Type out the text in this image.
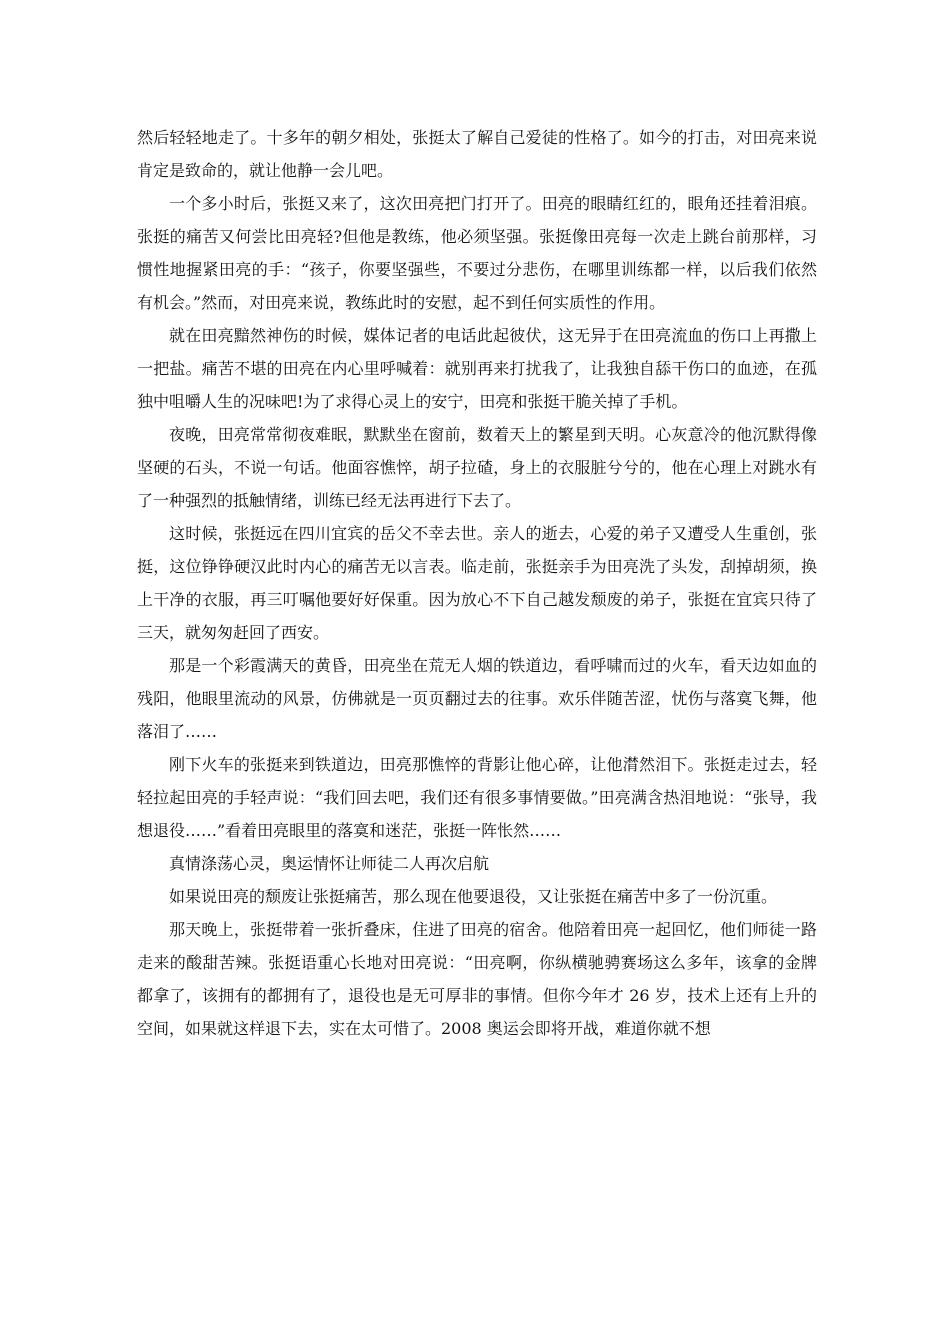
然后轻轻地走了。十多年的朝夕相处，张挺太了解自己爱徒的性格了。如今的打击，对田亮来说肯定是致命的，就让他静一会儿吧。

一个多小时后，张挺又来了，这次田亮把门打开了。田亮的眼睛红红的，眼角还挂着泪痕。张挺的痛苦又何尝比田亮轻?但他是教练，他必须坚强。张挺像田亮每一次走上跳台前那样，习惯性地握紧田亮的手：“孩子，你要坚强些，不要过分悲伤，在哪里训练都一样，以后我们依然有机会。”然而，对田亮来说，教练此时的安慰，起不到任何实质性的作用。

就在田亮黯然神伤的时候，媒体记者的电话此起彼伏，这无异于在田亮流血的伤口上再撒上一把盐。痛苦不堪的田亮在内心里呼喊着：就别再来打扰我了，让我独自舔干伤口的血迹，在孤独中咀嚼人生的况味吧!为了求得心灵上的安宁，田亮和张挺干脆关掉了手机。

夜晚，田亮常常彻夜难眠，默默坐在窗前，数着天上的繁星到天明。心灰意冷的他沉默得像坚硬的石头，不说一句话。他面容憔悴，胡子拉碴，身上的衣服脏兮兮的，他在心理上对跳水有了一种强烈的抵触情绪，训练已经无法再进行下去了。

这时候，张挺远在四川宜宾的岳父不幸去世。亲人的逝去，心爱的弟子又遭受人生重创，张挺，这位铮铮硬汉此时内心的痛苦无以言表。临走前，张挺亲手为田亮洗了头发，刮掉胡须，换上干净的衣服，再三叮嘱他要好好保重。因为放心不下自己越发颓废的弟子，张挺在宜宾只待了三天，就匆匆赶回了西安。

那是一个彩霞满天的黄昏，田亮坐在荒无人烟的铁道边，看呼啸而过的火车，看天边如血的残阳，他眼里流动的风景，仿佛就是一页页翻过去的往事。欢乐伴随苦涩，忧伤与落寞飞舞，他落泪了……

刚下火车的张挺来到铁道边，田亮那憔悴的背影让他心碎，让他潸然泪下。张挺走过去，轻轻拉起田亮的手轻声说：“我们回去吧，我们还有很多事情要做。”田亮满含热泪地说：“张导，我想退役……”看着田亮眼里的落寞和迷茫，张挺一阵怅然……

真情涤荡心灵，奥运情怀让师徒二人再次启航

如果说田亮的颓废让张挺痛苦，那么现在他要退役，又让张挺在痛苦中多了一份沉重。

那天晚上，张挺带着一张折叠床，住进了田亮的宿舍。他陪着田亮一起回忆，他们师徒一路走来的酸甜苦辣。张挺语重心长地对田亮说：“田亮啊，你纵横驰骋赛场这么多年，该拿的金牌都拿了，该拥有的都拥有了，退役也是无可厚非的事情。但你今年才 26 岁，技术上还有上升的空间，如果就这样退下去，实在太可惜了。2008 奥运会即将开战，难道你就不想
